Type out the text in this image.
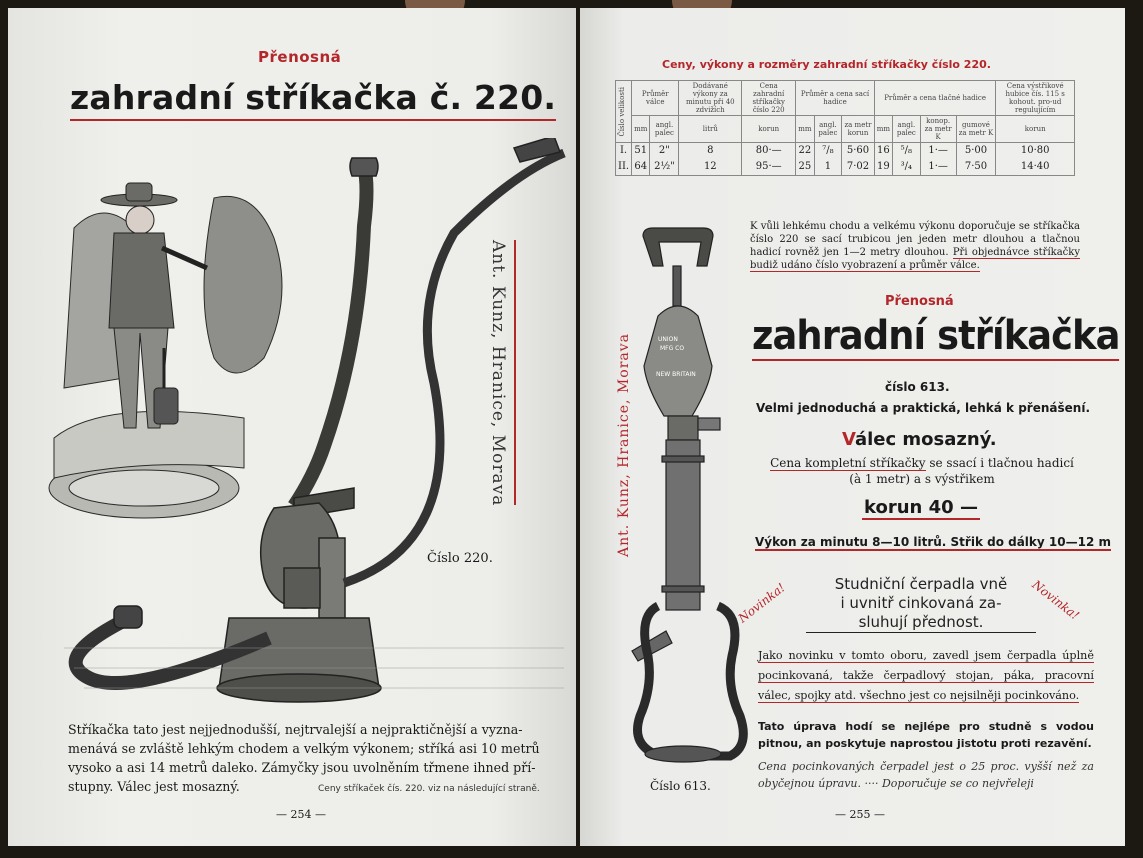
Přenosná
zahradní stříkačka č. 220.
Ant. Kunz, Hranice, Morava
Číslo 220.
Stříkačka tato jest nejjednodušší, nejtrvalejší a nejpraktičnější a vyzna-
menává se zvláště lehkým chodem a velkým výkonem; stříká asi 10 metrů
vysoko a asi 14 metrů daleko. Zámyčky jsou uvolněním třmene ihned pří-
stupny. Válec jest mosazný.	Ceny stříkaček čís. 220. viz na následující straně.
— 254 —
Ceny, výkony a rozměry zahradní stříkačky číslo 220.
Číslo velikosti	Průměr válce		Dodávané výkony za minutu při 40 zdvižích	Cena zahradní stříkačky číslo 220	Průměr a cena sací hadice			Průměr a cena tlačné hadice				Cena výstřikové hubice čís. 115 s kohout. pro-ud regulujícím
	mm	angl. palec	litrů	korun	mm	angl. palec	za metr korun	mm	angl. palec	konop. za metr K	gumové za metr K	korun
I.	51	2"	8	80·—	22	⁷/₈	5·60	16	⁵/₈	1·—	5·00	10·80
II.	64	2½"	12	95·—	25	1	7·02	19	³/₄	1·—	7·50	14·40
K vůli lehkému chodu a velkému výkonu doporučuje se stříkačka číslo 220 se sací trubicou jen jeden metr dlouhou a tlačnou hadicí rovněž jen 1—2 metry dlouhou. Při objednávce stříkačky budiž udáno číslo vyobrazení a průměr válce.
UNION
MFG CO
NEW BRITAIN
Ant. Kunz, Hranice, Morava
Číslo 613.
Přenosná
zahradní stříkačka
číslo 613.
Velmi jednoduchá a praktická, lehká k přenášení.
Válec mosazný.
Cena kompletní stříkačky se ssací i tlačnou hadicí
(à 1 metr) a s výstřikem
korun 40 —
Výkon za minutu 8—10 litrů. Střik do dálky 10—12 m
Novinka!	Novinka!
Studniční čerpadla vně
i uvnitř cinkovaná za-
sluhují přednost.
Jako novinku v tomto oboru, zavedl jsem čerpadla úplně pocinkovaná, takže čerpadlový stojan, páka, pracovní válec, spojky atd. všechno jest co nejsilněji pocinkováno.
Tato úprava hodí se nejlépe pro studně s vodou pitnou, an poskytuje naprostou jistotu proti rezavění.
Cena pocinkovaných čerpadel jest o 25 proc. vyšší než za obyčejnou úpravu. ···· Doporučuje se co nejvřeleji
— 255 —
